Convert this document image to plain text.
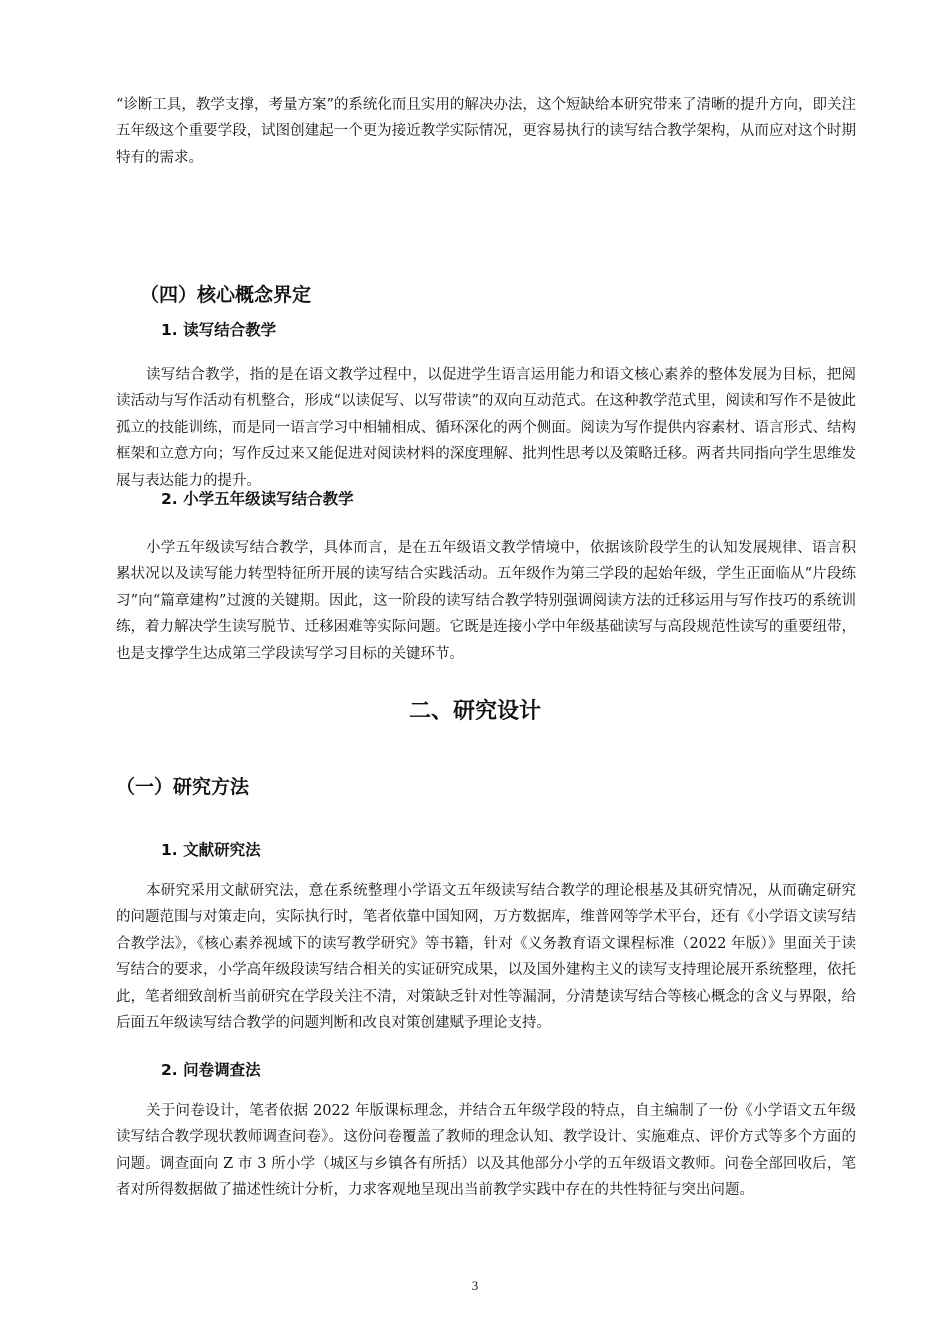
“诊断工具，教学支撑，考量方案”的系统化而且实用的解决办法，这个短缺给本研究带来了清晰的提升方向，即关注五年级这个重要学段，试图创建起一个更为接近教学实际情况，更容易执行的读写结合教学架构，从而应对这个时期特有的需求。

（四）核心概念界定
1. 读写结合教学

读写结合教学，指的是在语文教学过程中，以促进学生语言运用能力和语文核心素养的整体发展为目标，把阅读活动与写作活动有机整合，形成“以读促写、以写带读”的双向互动范式。在这种教学范式里，阅读和写作不是彼此孤立的技能训练，而是同一语言学习中相辅相成、循环深化的两个侧面。阅读为写作提供内容素材、语言形式、结构框架和立意方向；写作反过来又能促进对阅读材料的深度理解、批判性思考以及策略迁移。两者共同指向学生思维发展与表达能力的提升。

2. 小学五年级读写结合教学

小学五年级读写结合教学，具体而言，是在五年级语文教学情境中，依据该阶段学生的认知发展规律、语言积累状况以及读写能力转型特征所开展的读写结合实践活动。五年级作为第三学段的起始年级，学生正面临从“片段练习”向“篇章建构”过渡的关键期。因此，这一阶段的读写结合教学特别强调阅读方法的迁移运用与写作技巧的系统训练，着力解决学生读写脱节、迁移困难等实际问题。它既是连接小学中年级基础读写与高段规范性读写的重要纽带，也是支撑学生达成第三学段读写学习目标的关键环节。

二、研究设计
（一）研究方法
1. 文献研究法

本研究采用文献研究法，意在系统整理小学语文五年级读写结合教学的理论根基及其研究情况，从而确定研究的问题范围与对策走向，实际执行时，笔者依靠中国知网，万方数据库，维普网等学术平台，还有《小学语文读写结合教学法》，《核心素养视域下的读写教学研究》等书籍，针对《义务教育语文课程标准（2022 年版）》里面关于读写结合的要求，小学高年级段读写结合相关的实证研究成果，以及国外建构主义的读写支持理论展开系统整理，依托此，笔者细致剖析当前研究在学段关注不清，对策缺乏针对性等漏洞，分清楚读写结合等核心概念的含义与界限，给后面五年级读写结合教学的问题判断和改良对策创建赋予理论支持。

2. 问卷调查法

关于问卷设计，笔者依据 2022 年版课标理念，并结合五年级学段的特点，自主编制了一份《小学语文五年级读写结合教学现状教师调查问卷》。这份问卷覆盖了教师的理念认知、教学设计、实施难点、评价方式等多个方面的问题。调查面向 Z 市 3 所小学（城区与乡镇各有所括）以及其他部分小学的五年级语文教师。问卷全部回收后，笔者对所得数据做了描述性统计分析，力求客观地呈现出当前教学实践中存在的共性特征与突出问题。

3
